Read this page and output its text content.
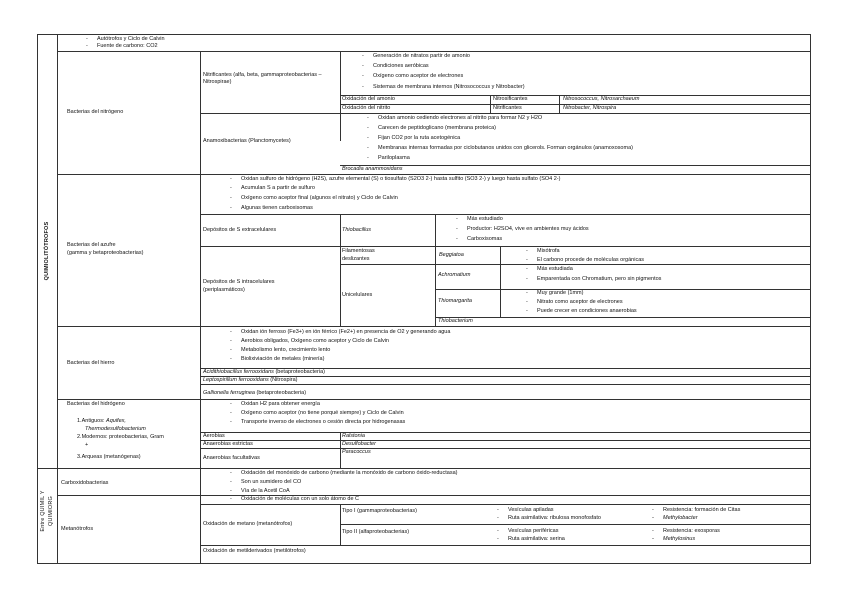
QUIMIOLITÓTROFOS
Entre QUIMIL Y QUIMIORG
- Autótrofos y Ciclo de Calvin
- Fuente de carbono: CO2
Bacterias del nitrógeno
Nitrificantes (alfa, beta, gammaproteobacterias – Nitrospirae)
- Generación de nitratos partir de amonio
- Condiciones aeróbicas
- Oxígeno como aceptor de electrones
- Sistemas de membrana internos (Nitrosococcus y Nitrobacter)
Oxidación del amonio
Oxidación del nitrito
Nitrosificantes
Nitrificantes
Nitrosococcus, Nitrosarchaeum
Nitrobacter, Nitrospira
Anamoxibacterias (Planctomycetes)
- Oxidan amonio cediendo electrones al nitrito para formar N2 y H2O
- Carecen de peptidoglicano (membrana proteica)
- Fijan CO2 por la ruta acetogénica
- Membranas internas formadas por ciclobutanos unidos con glicerols. Forman orgánulos (anamoxosoma)
- Pariloplasma
Brocadia anammoxidans
Bacterias del azufre
(gamma y betaproteobacterias)
- Oxidan sulfuro de hidrógeno (H2S), azufre elemental (S) o tiosulfato (S2O3 2-) hasta sulfito (SO3 2-) y luego hasta sulfato (SO4 2-)
- Acumulan S a partir de sulfuro
- Oxígeno como aceptor final (algunos el nitrato) y Ciclo de Calvin
- Algunas tienen carboxisomas
Depósitos de S extracelulares	Thiobacillus
- Más estudiado
- Productor: H2SO4, vive en ambientes muy ácidos
- Carboxisomas
Depósitos de S intracelulares
(periplasmáticos)
Filamentosas
deslizantes
Beggiatoa
- Mixótrofa
- El carbono procede de moléculas orgánicas
Unicelulares
Achromatium
- Más estudiada
- Emparentada con Chromatium, pero sin pigmentos
Thiomargarita
- Muy grande (1mm)
- Nitrato como aceptor de electrones
- Puede crecer en condiciones anaerobias
Thiobacterium
Bacterias del hierro
- Oxidan ión ferroso (Fe3+) en ión férrico (Fe2+) en presencia de O2 y generando agua
- Aerobios obligados, Oxígeno como aceptor y Ciclo de Calvin
- Metabolismo lento, crecimiento lento
- Biolixiviación de metales (minería)
Acidithiobacillus ferrooxidans (betaproteobacteria)
Leptospirillum ferrooxidans (Nitrospira)
Gallionella ferruginea (betaproteobacteria)
Bacterias del hidrógeno
1.Antiguos: Aquifex,
Thermodesulfobacterium
2.Modernos: proteobacterias, Gram
+
3.Arqueas (metanógenas)
- Oxidan H2 para obtener energía
- Oxígeno como aceptor (no tiene porqué siempre) y Ciclo de Calvin
- Transporte inverso de electrones o cesión directa por hidrogenasas
Aerobias
Anaerobias estrictas
Anaerobias facultativas
Ralstonia
Desulfobacter
Paracoccus
Carboxidobacterias
- Oxidación del monóxido de carbono (mediante la monóxido de carbono óxido-reductasa)
- Son un sumidero del CO
- Vía de la Acetil CoA
Metanótrofos
- Oxidación de moléculas con un solo átomo de C
Oxidación de metano (metanótrofos)
Tipo I (gammaproteobacterias)
Tipo II (alfaproteobacterias)
- Vesículas apiladas
- Ruta asimilativa: ribulosa monofosfato
- Resistencia: formación de Citas
- Methylobacter
- Vesículas periféricas
- Ruta asimilativa: serina
- Resistencia: exosporas
- Methylosinus
Oxidación de metilderivados (metilótrofos)
